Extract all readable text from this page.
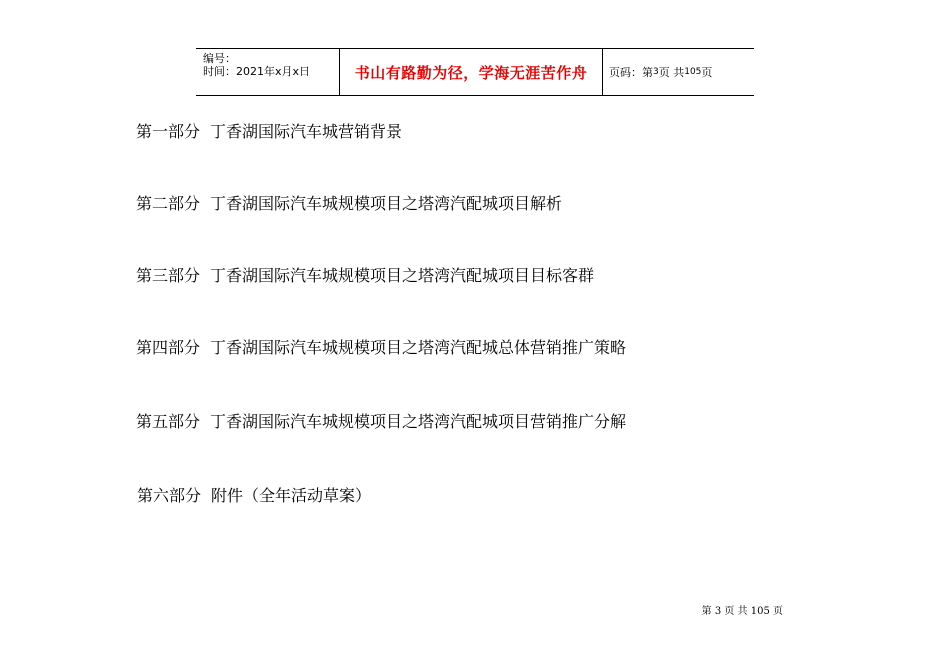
编号：
时间：2021年x月x日	书山有路勤为径，学海无涯苦作舟	页码：第 3 页 共 105 页
第一部分 丁香湖国际汽车城营销背景
第二部分 丁香湖国际汽车城规模项目之塔湾汽配城项目解析
第三部分 丁香湖国际汽车城规模项目之塔湾汽配城项目目标客群
第四部分 丁香湖国际汽车城规模项目之塔湾汽配城总体营销推广策略
第五部分 丁香湖国际汽车城规模项目之塔湾汽配城项目营销推广分解
第六部分 附件（全年活动草案）
第 3 页 共 105 页
